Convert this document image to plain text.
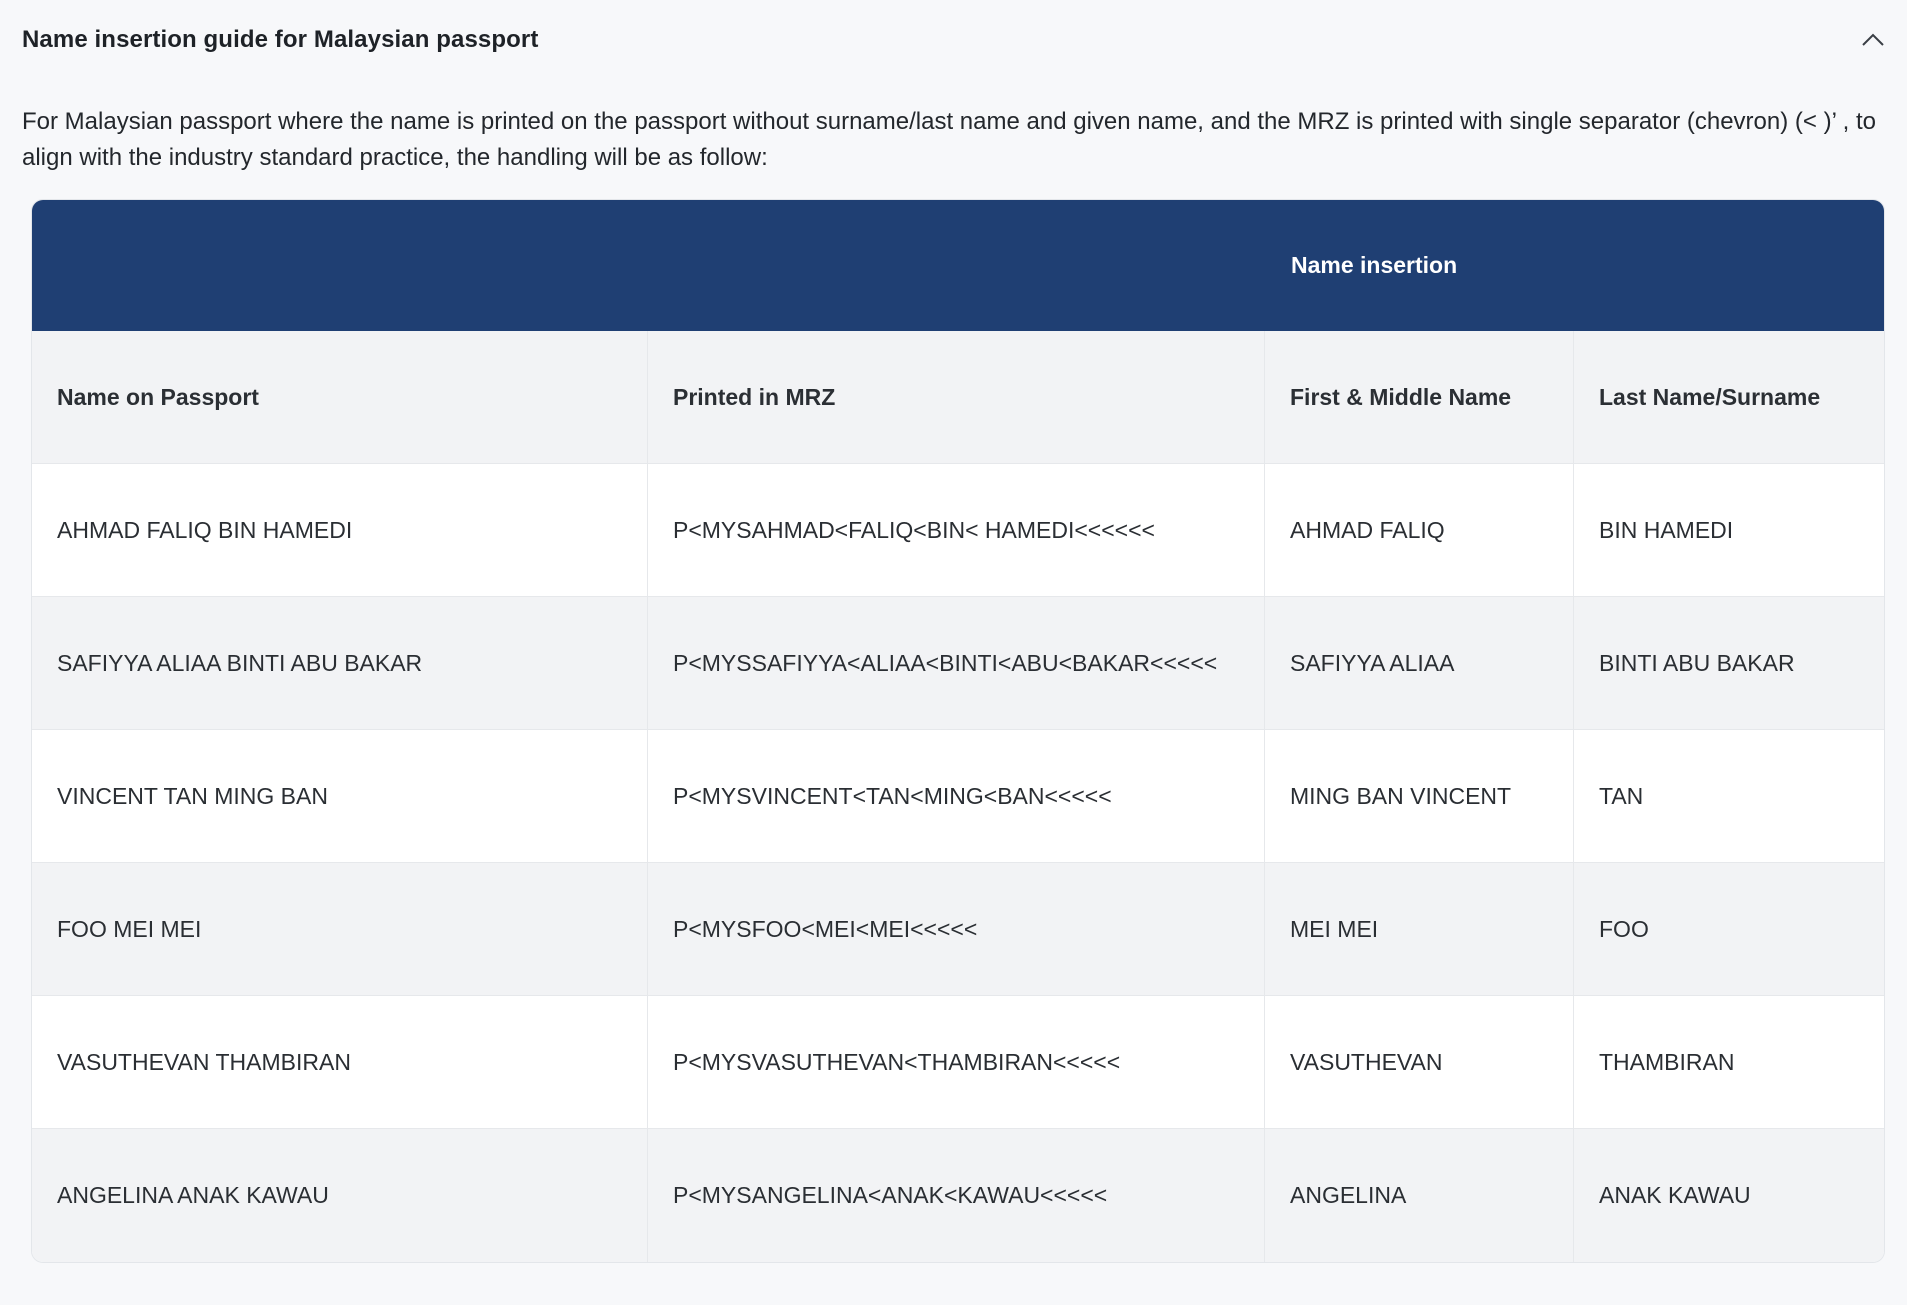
Name insertion guide for Malaysian passport
For Malaysian passport where the name is printed on the passport without surname/last name and given name, and the MRZ is printed with single separator (chevron) (< )’ , to align with the industry standard practice, the handling will be as follow:
Name insertion
Name on Passport	Printed in MRZ	First & Middle Name	Last Name/Surname
AHMAD FALIQ BIN HAMEDI	P<MYSAHMAD<FALIQ<BIN< HAMEDI<<<<<<	AHMAD FALIQ	BIN HAMEDI
SAFIYYA ALIAA BINTI ABU BAKAR	P<MYSSAFIYYA<ALIAA<BINTI<ABU<BAKAR<<<<<	SAFIYYA ALIAA	BINTI ABU BAKAR
VINCENT TAN MING BAN	P<MYSVINCENT<TAN<MING<BAN<<<<<	MING BAN VINCENT	TAN
FOO MEI MEI	P<MYSFOO<MEI<MEI<<<<<	MEI MEI	FOO
VASUTHEVAN THAMBIRAN	P<MYSVASUTHEVAN<THAMBIRAN<<<<<	VASUTHEVAN	THAMBIRAN
ANGELINA ANAK KAWAU	P<MYSANGELINA<ANAK<KAWAU<<<<<	ANGELINA	ANAK KAWAU
